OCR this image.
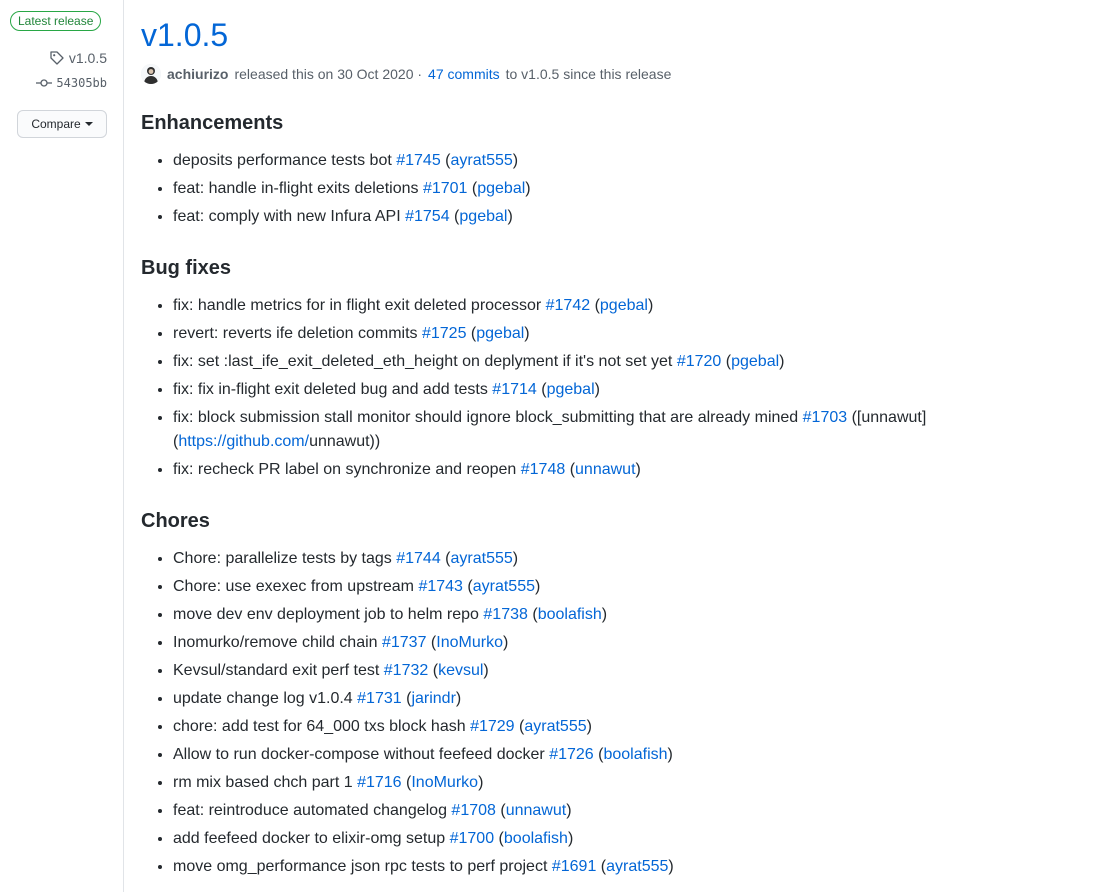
Latest release
v1.0.5
54305bb
Compare
v1.0.5
achiurizo released this on 30 Oct 2020 · 47 commits to v1.0.5 since this release
Enhancements
• deposits performance tests bot #1745 (ayrat555)
• feat: handle in-flight exits deletions #1701 (pgebal)
• feat: comply with new Infura API #1754 (pgebal)
Bug fixes
• fix: handle metrics for in flight exit deleted processor #1742 (pgebal)
• revert: reverts ife deletion commits #1725 (pgebal)
• fix: set :last_ife_exit_deleted_eth_height on deplyment if it's not set yet #1720 (pgebal)
• fix: fix in-flight exit deleted bug and add tests #1714 (pgebal)
• fix: block submission stall monitor should ignore block_submitting that are already mined #1703 ([unnawut](https://github.com/unnawut))
• fix: recheck PR label on synchronize and reopen #1748 (unnawut)
Chores
• Chore: parallelize tests by tags #1744 (ayrat555)
• Chore: use exexec from upstream #1743 (ayrat555)
• move dev env deployment job to helm repo #1738 (boolafish)
• Inomurko/remove child chain #1737 (InoMurko)
• Kevsul/standard exit perf test #1732 (kevsul)
• update change log v1.0.4 #1731 (jarindr)
• chore: add test for 64_000 txs block hash #1729 (ayrat555)
• Allow to run docker-compose without feefeed docker #1726 (boolafish)
• rm mix based chch part 1 #1716 (InoMurko)
• feat: reintroduce automated changelog #1708 (unnawut)
• add feefeed docker to elixir-omg setup #1700 (boolafish)
• move omg_performance json rpc tests to perf project #1691 (ayrat555)
